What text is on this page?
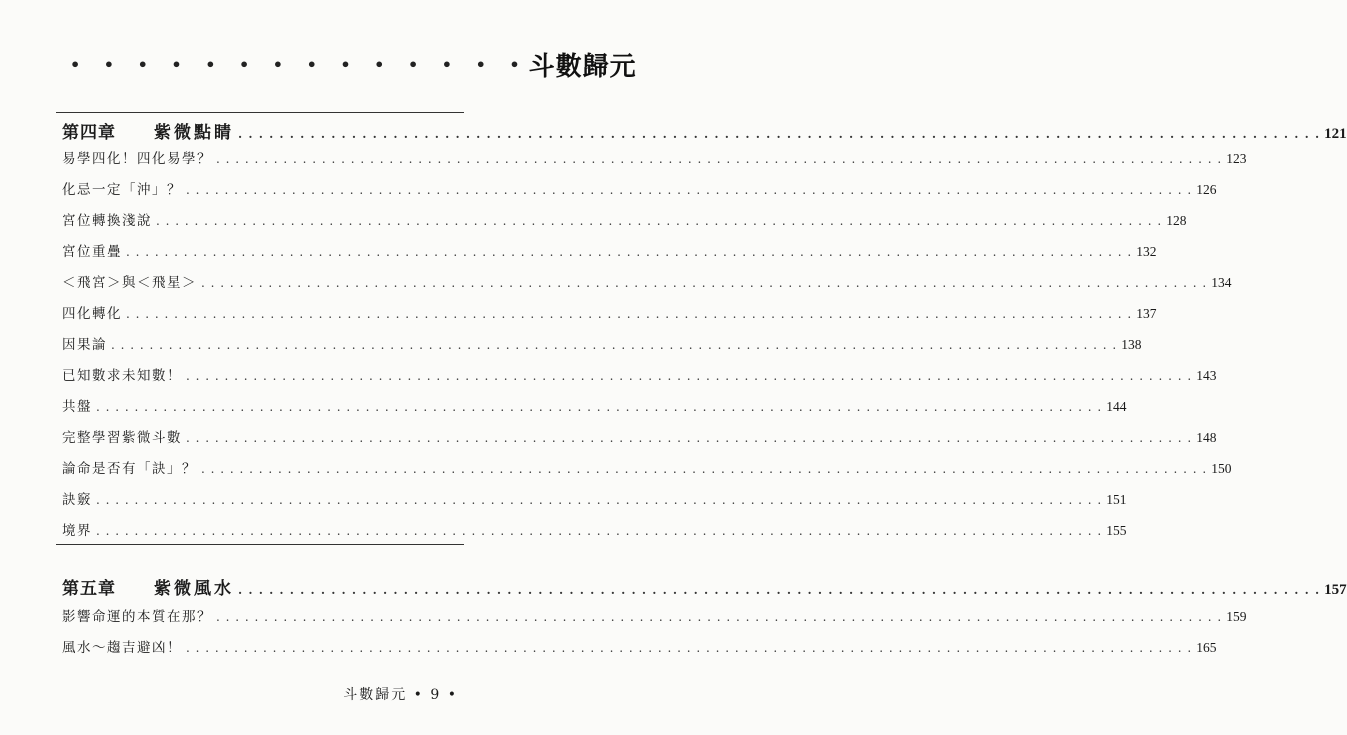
• • • • • • • • • • • • • • 斗數歸元
第四章 紫微點睛 . . .	121
易學四化！四化易學？ . . .	123
化忌一定「沖」？ . . .	126
宮位轉換淺說 . . .	128
宮位重疊 . . .	132
＜飛宮＞與＜飛星＞ . . .	134
四化轉化 . . .	137
因果論 . . .	138
已知數求未知數！ . . .	143
共盤 . . .	144
完整學習紫微斗數 . . .	148
論命是否有「訣」？ . . .	150
訣竅 . . .	151
境界 . . .	155
第五章 紫微風水 . . .	157
影響命運的本質在那？ . . .	159
風水～趨吉避凶！ . . .	165
斗數歸元 • 9 •
